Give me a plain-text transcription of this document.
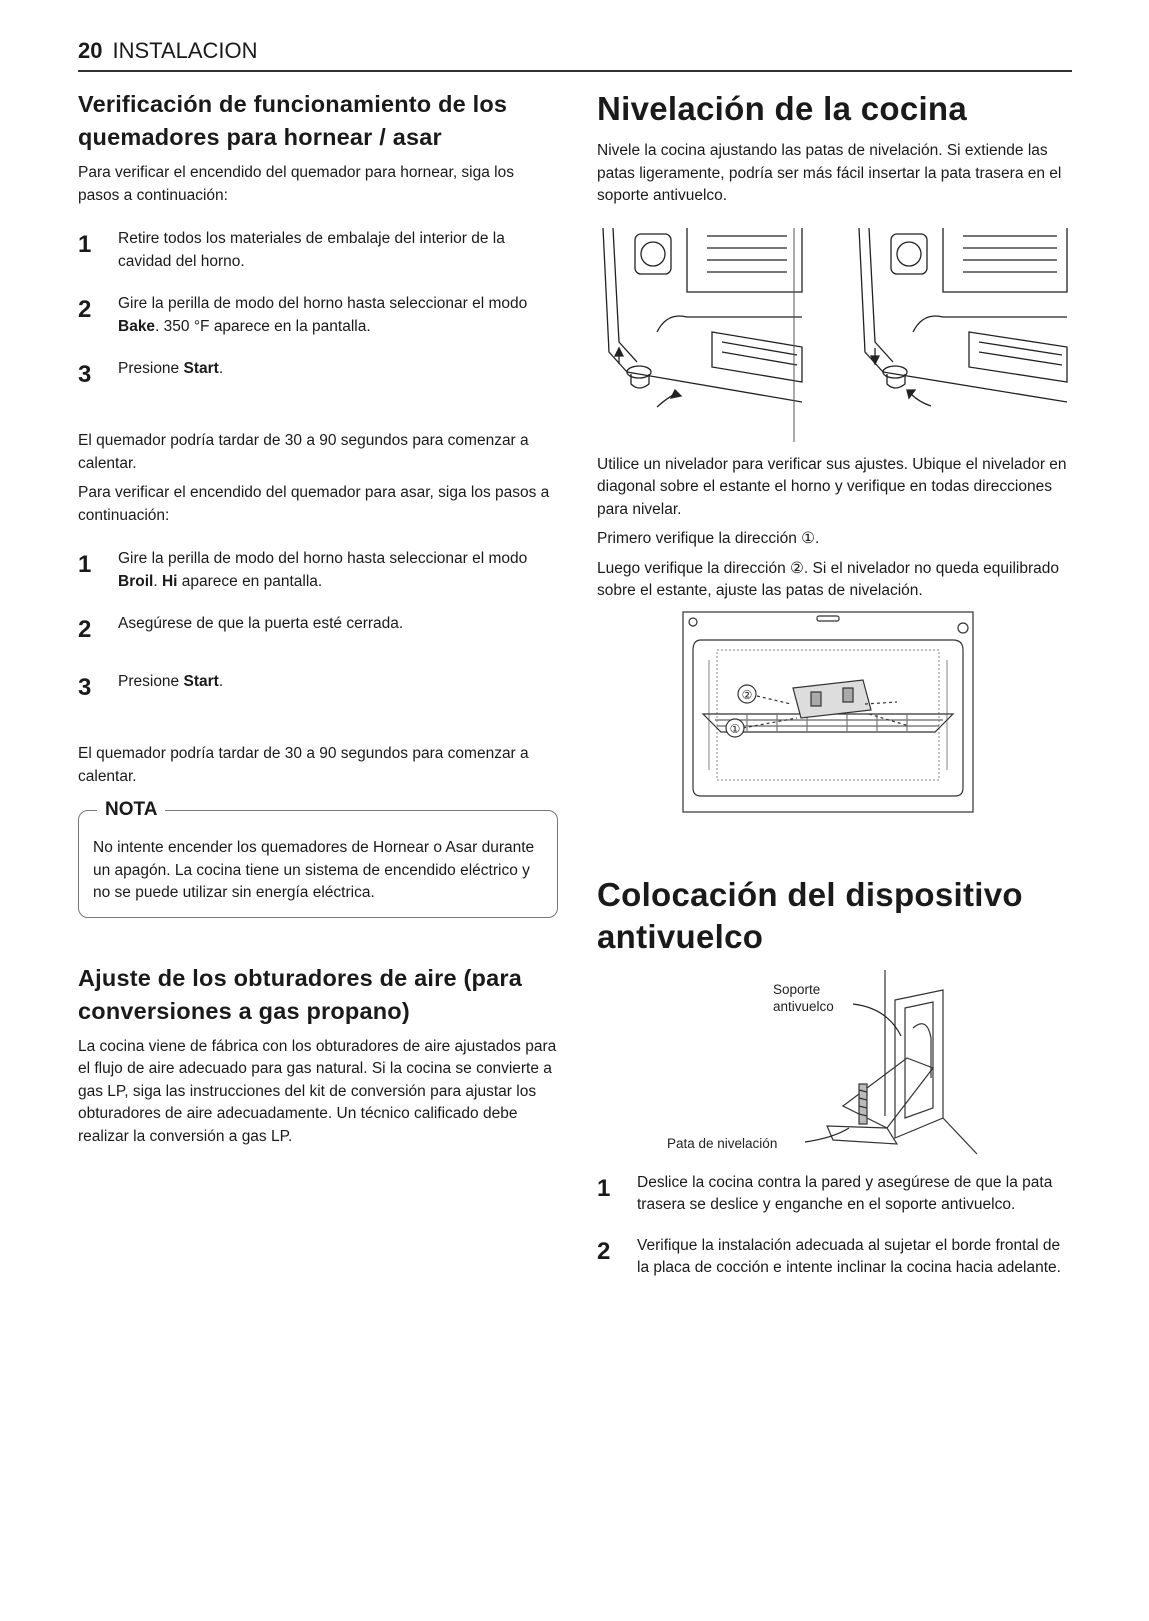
20 INSTALACION
Verificación de funcionamiento de los quemadores para hornear / asar

Para verificar el encendido del quemador para hornear, siga los pasos a continuación:

1	Retire todos los materiales de embalaje del interior de la cavidad del horno.
2	Gire la perilla de modo del horno hasta seleccionar el modo Bake. 350 °F aparece en la pantalla.
3	Presione Start.

El quemador podría tardar de 30 a 90 segundos para comenzar a calentar.

Para verificar el encendido del quemador para asar, siga los pasos a continuación:

1	Gire la perilla de modo del horno hasta seleccionar el modo Broil. Hi aparece en pantalla.
2	Asegúrese de que la puerta esté cerrada.
3	Presione Start.

El quemador podría tardar de 30 a 90 segundos para comenzar a calentar.

NOTA

No intente encender los quemadores de Hornear o Asar durante un apagón. La cocina tiene un sistema de encendido eléctrico y no se puede utilizar sin energía eléctrica.

Ajuste de los obturadores de aire (para conversiones a gas propano)

La cocina viene de fábrica con los obturadores de aire ajustados para el flujo de aire adecuado para gas natural. Si la cocina se convierte a gas LP, siga las instrucciones del kit de conversión para ajustar los obturadores de aire adecuadamente. Un técnico calificado debe realizar la conversión a gas LP.

Nivelación de la cocina

Nivele la cocina ajustando las patas de nivelación. Si extiende las patas ligeramente, podría ser más fácil insertar la pata trasera en el soporte antivuelco.

Utilice un nivelador para verificar sus ajustes. Ubique el nivelador en diagonal sobre el estante el horno y verifique en todas direcciones para nivelar.

Primero verifique la dirección ①.

Luego verifique la dirección ②. Si el nivelador no queda equilibrado sobre el estante, ajuste las patas de nivelación.

②
①
Colocación del dispositivo antivuelco
Soporte
antivuelco
Pata de nivelación
1	Deslice la cocina contra la pared y asegúrese de que la pata trasera se deslice y enganche en el soporte antivuelco.
2	Verifique la instalación adecuada al sujetar el borde frontal de la placa de cocción e intente inclinar la cocina hacia adelante.
